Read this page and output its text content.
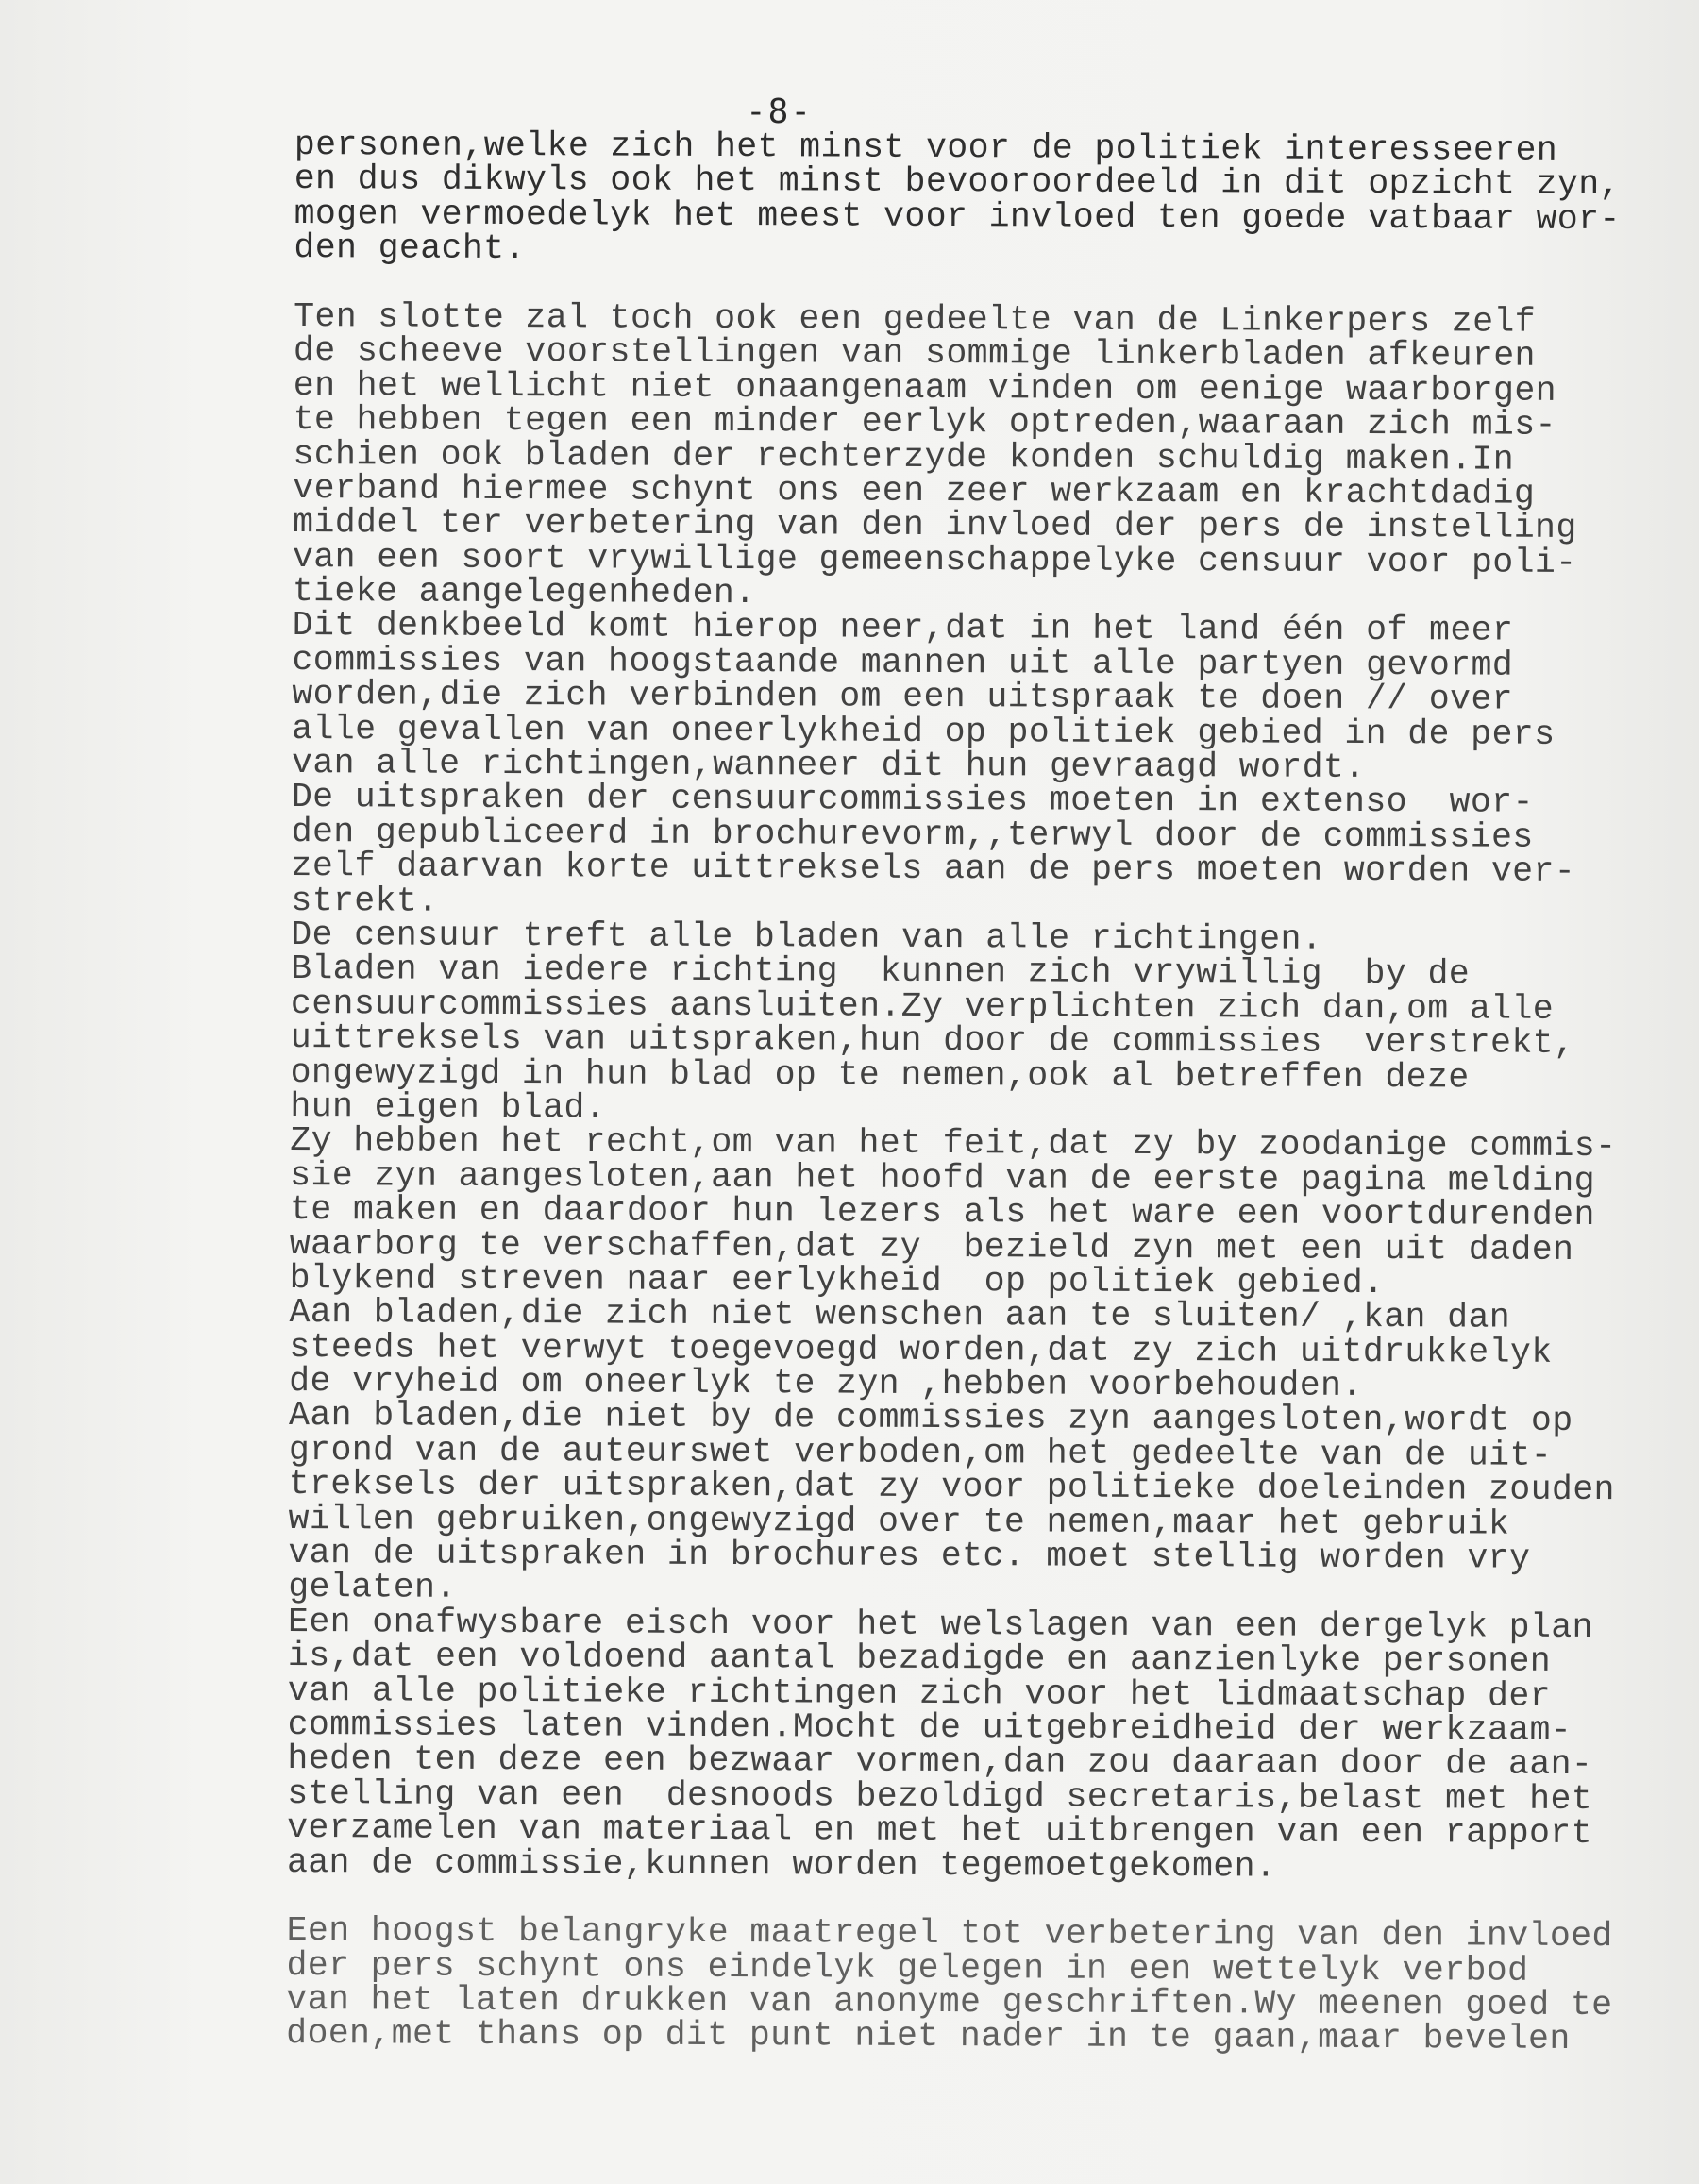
-8-
personen,welke zich het minst voor de politiek interesseeren
en dus dikwyls ook het minst bevooroordeeld in dit opzicht zyn,
mogen vermoedelyk het meest voor invloed ten goede vatbaar wor-
den geacht.
Ten slotte zal toch ook een gedeelte van de Linkerpers zelf
de scheeve voorstellingen van sommige linkerbladen afkeuren
en het wellicht niet onaangenaam vinden om eenige waarborgen
te hebben tegen een minder eerlyk optreden,waaraan zich mis-
schien ook bladen der rechterzyde konden schuldig maken.In
verband hiermee schynt ons een zeer werkzaam en krachtdadig
middel ter verbetering van den invloed der pers de instelling
van een soort vrywillige gemeenschappelyke censuur voor poli-
tieke aangelegenheden.
Dit denkbeeld komt hierop neer,dat in het land één of meer
commissies van hoogstaande mannen uit alle partyen gevormd
worden,die zich verbinden om een uitspraak te doen // over
alle gevallen van oneerlykheid op politiek gebied in de pers
van alle richtingen,wanneer dit hun gevraagd wordt.
De uitspraken der censuurcommissies moeten in extenso  wor-
den gepubliceerd in brochurevorm,,terwyl door de commissies
zelf daarvan korte uittreksels aan de pers moeten worden ver-
strekt.
De censuur treft alle bladen van alle richtingen.
Bladen van iedere richting  kunnen zich vrywillig  by de
censuurcommissies aansluiten.Zy verplichten zich dan,om alle
uittreksels van uitspraken,hun door de commissies  verstrekt,
ongewyzigd in hun blad op te nemen,ook al betreffen deze
hun eigen blad.
Zy hebben het recht,om van het feit,dat zy by zoodanige commis-
sie zyn aangesloten,aan het hoofd van de eerste pagina melding
te maken en daardoor hun lezers als het ware een voortdurenden
waarborg te verschaffen,dat zy  bezield zyn met een uit daden
blykend streven naar eerlykheid  op politiek gebied.
Aan bladen,die zich niet wenschen aan te sluiten/ ,kan dan
steeds het verwyt toegevoegd worden,dat zy zich uitdrukkelyk
de vryheid om oneerlyk te zyn ,hebben voorbehouden.
Aan bladen,die niet by de commissies zyn aangesloten,wordt op
grond van de auteurswet verboden,om het gedeelte van de uit-
treksels der uitspraken,dat zy voor politieke doeleinden zouden
willen gebruiken,ongewyzigd over te nemen,maar het gebruik
van de uitspraken in brochures etc. moet stellig worden vry
gelaten.
Een onafwysbare eisch voor het welslagen van een dergelyk plan
is,dat een voldoend aantal bezadigde en aanzienlyke personen
van alle politieke richtingen zich voor het lidmaatschap der
commissies laten vinden.Mocht de uitgebreidheid der werkzaam-
heden ten deze een bezwaar vormen,dan zou daaraan door de aan-
stelling van een  desnoods bezoldigd secretaris,belast met het
verzamelen van materiaal en met het uitbrengen van een rapport
aan de commissie,kunnen worden tegemoetgekomen.
Een hoogst belangryke maatregel tot verbetering van den invloed
der pers schynt ons eindelyk gelegen in een wettelyk verbod
van het laten drukken van anonyme geschriften.Wy meenen goed te
doen,met thans op dit punt niet nader in te gaan,maar bevelen
